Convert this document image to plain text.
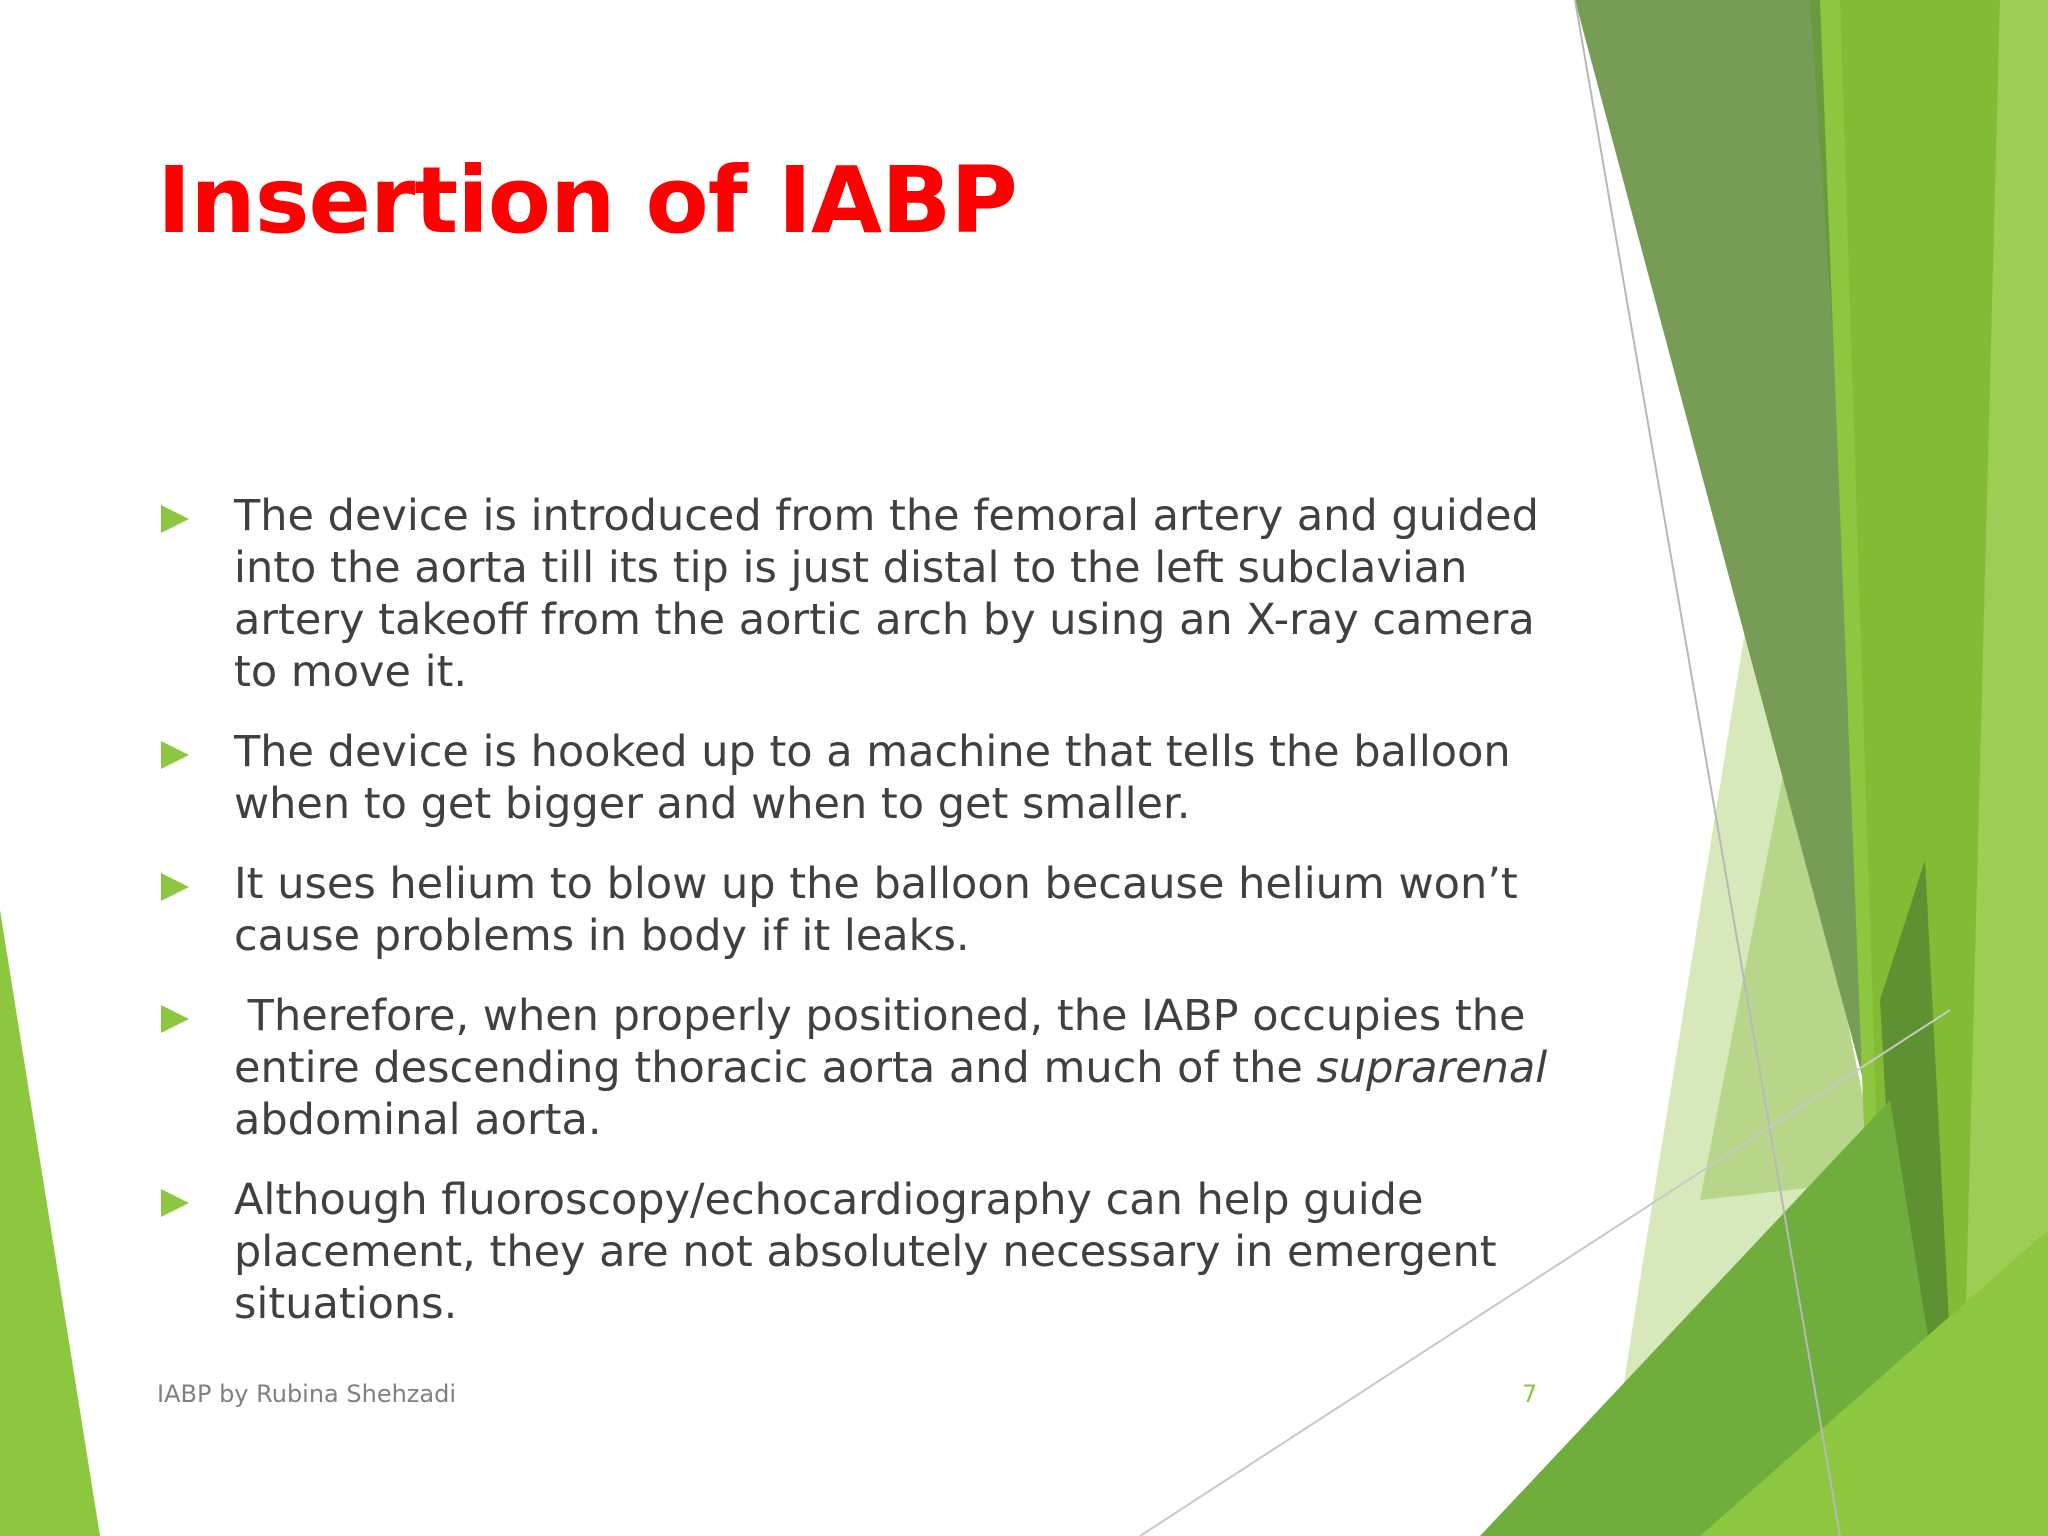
Insertion of IABP
The device is introduced from the femoral artery and guided into the aorta till its tip is just distal to the left subclavian artery takeoff from the aortic arch by using an X-ray camera to move it.
The device is hooked up to a machine that tells the balloon when to get bigger and when to get smaller.
It uses helium to blow up the balloon because helium won’t cause problems in body if it leaks.
Therefore, when properly positioned, the IABP occupies the entire descending thoracic aorta and much of the suprarenal abdominal aorta.
Although fluoroscopy/echocardiography can help guide placement, they are not absolutely necessary in emergent situations.
IABP by Rubina Shehzadi	7
